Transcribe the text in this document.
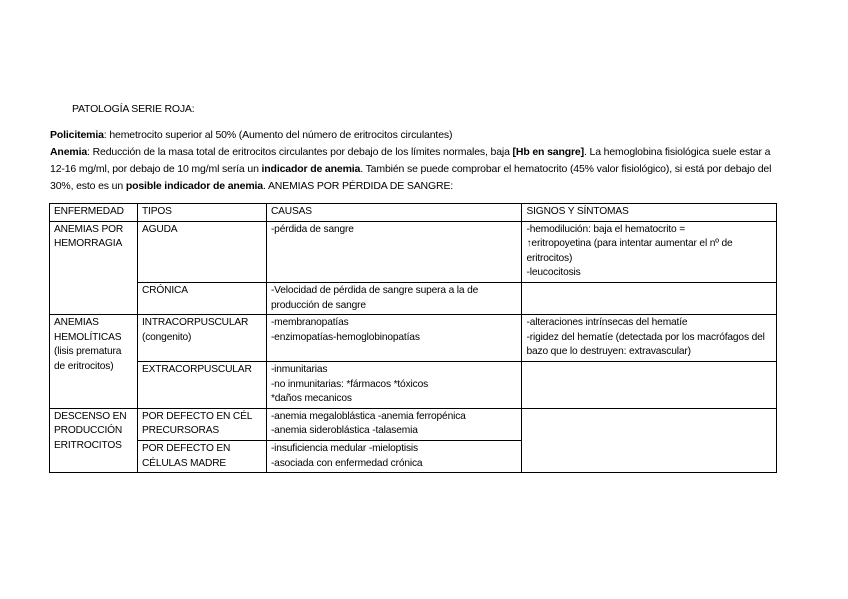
PATOLOGÍA SERIE ROJA:

Policitemia: hemetrocito superior al 50% (Aumento del número de eritrocitos circulantes)

Anemia: Reducción de la masa total de eritrocitos circulantes por debajo de los límites normales, baja [Hb en sangre]. La hemoglobina fisiológica suele estar a 12-16 mg/ml, por debajo de 10 mg/ml sería un indicador de anemia. También se puede comprobar el hematocrito (45% valor fisiológico), si está por debajo del 30%, esto es un posible indicador de anemia. ANEMIAS POR PÉRDIDA DE SANGRE:

ENFERMEDAD	TIPOS	CAUSAS	SIGNOS Y SÍNTOMAS
ANEMIAS POR HEMORRAGIA	AGUDA	-pérdida de sangre	-hemodilución: baja el hematocrito =
↑eritropoyetina (para intentar aumentar el nº de eritrocitos)
-leucocitosis
	CRÓNICA	-Velocidad de pérdida de sangre supera a la de producción de sangre	
ANEMIAS HEMOLÍTICAS (lisis prematura de eritrocitos)	INTRACORPUSCULAR (congenito)	-membranopatías
-enzimopatías-hemoglobinopatías	-alteraciones intrínsecas del hematíe
-rigidez del hematíe (detectada por los macrófagos del bazo que lo destruyen: extravascular)
	EXTRACORPUSCULAR	-inmunitarias
-no inmunitarias: *fármacos *tóxicos
*daños mecanicos	
DESCENSO EN PRODUCCIÓN ERITROCITOS	POR DEFECTO EN CÉL PRECURSORAS	-anemia megaloblástica -anemia ferropénica
-anemia sideroblástica -talasemia	
	POR DEFECTO EN CÉLULAS MADRE	-insuficiencia medular -mieloptisis
-asociada con enfermedad crónica	
